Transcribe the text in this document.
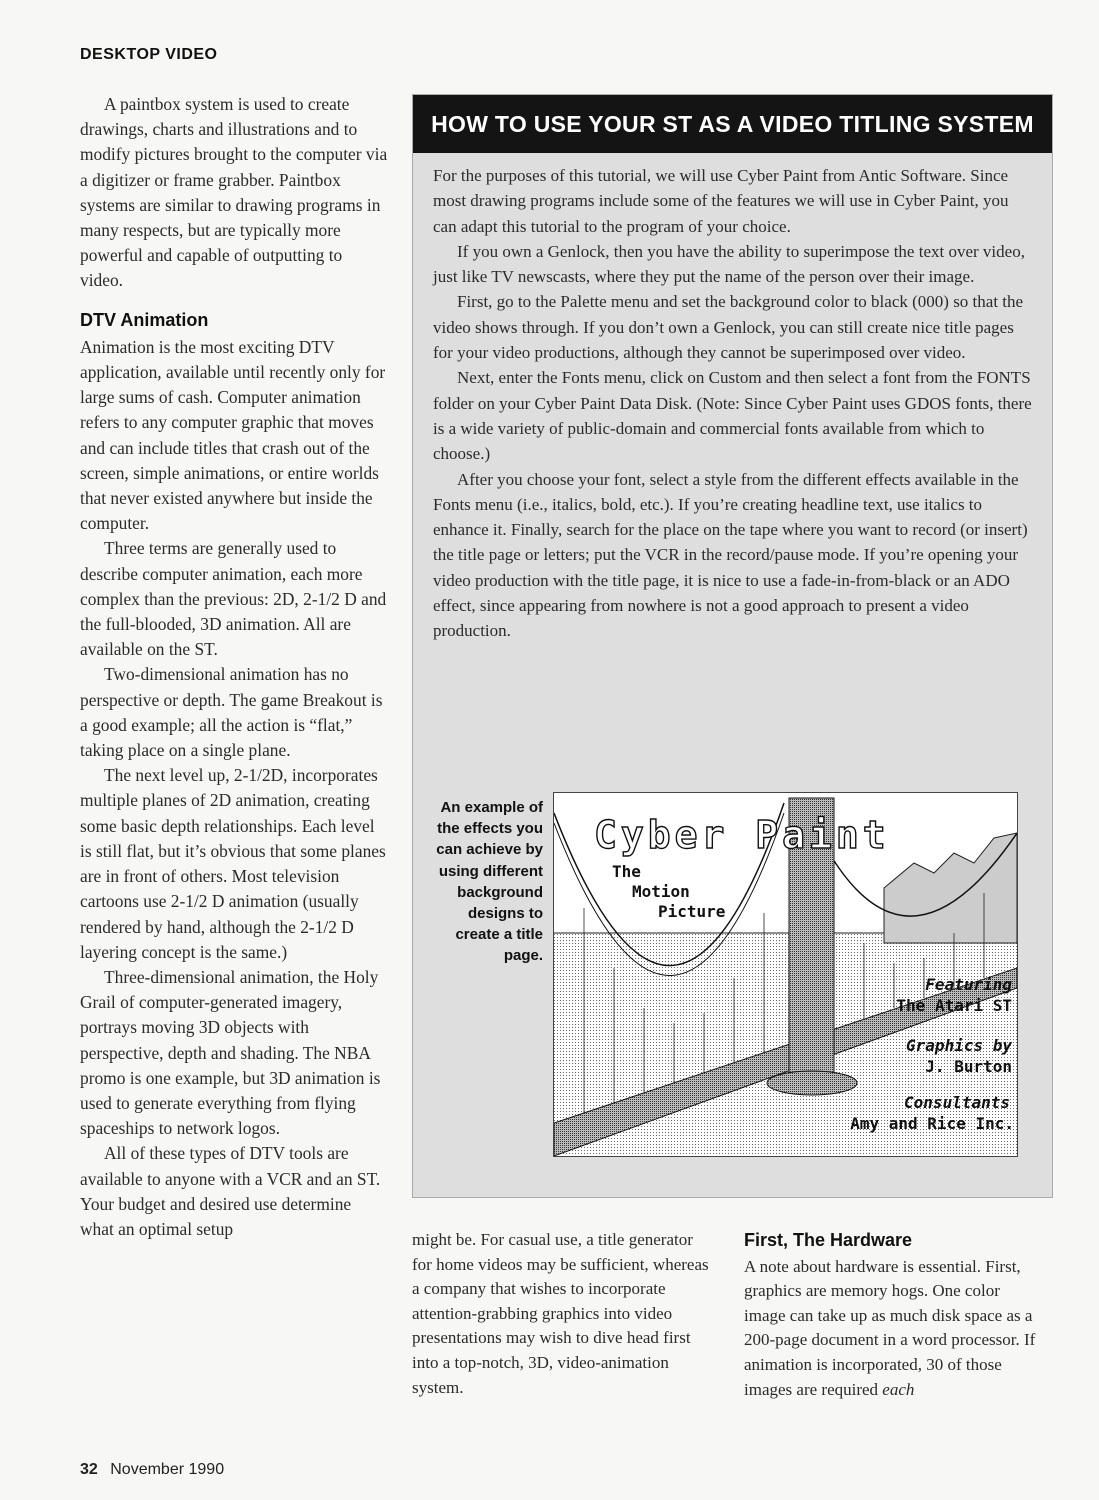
DESKTOP VIDEO

A paintbox system is used to create drawings, charts and illustrations and to modify pictures brought to the computer via a digitizer or frame grabber. Paintbox systems are similar to drawing programs in many respects, but are typically more powerful and capable of outputting to video.

DTV Animation

Animation is the most exciting DTV application, available until recently only for large sums of cash. Computer animation refers to any computer graphic that moves and can include titles that crash out of the screen, simple animations, or entire worlds that never existed anywhere but inside the computer.

Three terms are generally used to describe computer animation, each more complex than the previous: 2D, 2-1/2 D and the full-blooded, 3D animation. All are available on the ST.

Two-dimensional animation has no perspective or depth. The game Breakout is a good example; all the action is “flat,” taking place on a single plane.

The next level up, 2-1/2D, incorporates multiple planes of 2D animation, creating some basic depth relationships. Each level is still flat, but it’s obvious that some planes are in front of others. Most television cartoons use 2-1/2 D animation (usually rendered by hand, although the 2-1/2 D layering concept is the same.)

Three-dimensional animation, the Holy Grail of computer-generated imagery, portrays moving 3D objects with perspective, depth and shading. The NBA promo is one example, but 3D animation is used to generate everything from flying spaceships to network logos.

All of these types of DTV tools are available to anyone with a VCR and an ST. Your budget and desired use determine what an optimal setup

HOW TO USE YOUR ST AS A VIDEO TITLING SYSTEM

For the purposes of this tutorial, we will use Cyber Paint from Antic Software. Since most drawing programs include some of the features we will use in Cyber Paint, you can adapt this tutorial to the program of your choice.

If you own a Genlock, then you have the ability to superimpose the text over video, just like TV newscasts, where they put the name of the person over their image.

First, go to the Palette menu and set the background color to black (000) so that the video shows through. If you don’t own a Genlock, you can still create nice title pages for your video productions, although they cannot be superimposed over video.

Next, enter the Fonts menu, click on Custom and then select a font from the FONTS folder on your Cyber Paint Data Disk. (Note: Since Cyber Paint uses GDOS fonts, there is a wide variety of public-domain and commercial fonts available from which to choose.)

After you choose your font, select a style from the different effects available in the Fonts menu (i.e., italics, bold, etc.). If you’re creating headline text, use italics to enhance it. Finally, search for the place on the tape where you want to record (or insert) the title page or letters; put the VCR in the record/pause mode. If you’re opening your video production with the title page, it is nice to use a fade-in-from-black or an ADO effect, since appearing from nowhere is not a good approach to present a video production.

An example of the effects you can achieve by using different background designs to create a title page.
Cyber Paint
The
Motion
Picture
Featuring
The Atari ST
Graphics by
J. Burton
Consultants
Amy and Rice Inc.

might be. For casual use, a title generator for home videos may be sufficient, whereas a company that wishes to incorporate attention-grabbing graphics into video presentations may wish to dive head first into a top-notch, 3D, video-animation system.

First, The Hardware

A note about hardware is essential. First, graphics are memory hogs. One color image can take up as much disk space as a 200-page document in a word processor. If animation is incorporated, 30 of those images are required each

32 November 1990
